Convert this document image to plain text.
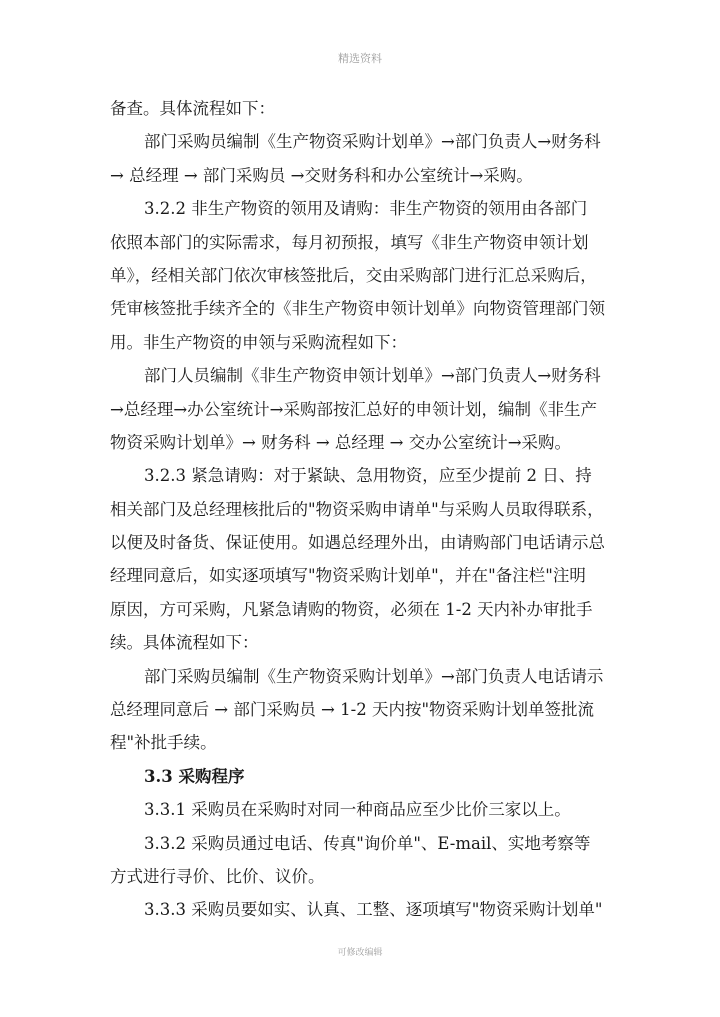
精选资料
备查。具体流程如下：
部门采购员编制《生产物资采购计划单》→部门负责人→财务科
→ 总经理 → 部门采购员 →交财务科和办公室统计→采购。
3.2.2 非生产物资的领用及请购：非生产物资的领用由各部门
依照本部门的实际需求，每月初预报，填写《非生产物资申领计划
单》，经相关部门依次审核签批后，交由采购部门进行汇总采购后，
凭审核签批手续齐全的《非生产物资申领计划单》向物资管理部门领
用。非生产物资的申领与采购流程如下：
部门人员编制《非生产物资申领计划单》→部门负责人→财务科
→总经理→办公室统计→采购部按汇总好的申领计划，编制《非生产
物资采购计划单》→ 财务科 → 总经理 → 交办公室统计→采购。
3.2.3 紧急请购：对于紧缺、急用物资，应至少提前 2 日、持
相关部门及总经理核批后的"物资采购申请单"与采购人员取得联系，
以便及时备货、保证使用。如遇总经理外出，由请购部门电话请示总
经理同意后，如实逐项填写"物资采购计划单"，并在"备注栏"注明
原因，方可采购，凡紧急请购的物资，必须在 1-2 天内补办审批手
续。具体流程如下：
部门采购员编制《生产物资采购计划单》→部门负责人电话请示
总经理同意后 → 部门采购员 → 1-2 天内按"物资采购计划单签批流
程"补批手续。
3.3 采购程序
3.3.1 采购员在采购时对同一种商品应至少比价三家以上。
3.3.2 采购员通过电话、传真"询价单"、E-mail、实地考察等
方式进行寻价、比价、议价。
3.3.3 采购员要如实、认真、工整、逐项填写"物资采购计划单"
可修改编辑
